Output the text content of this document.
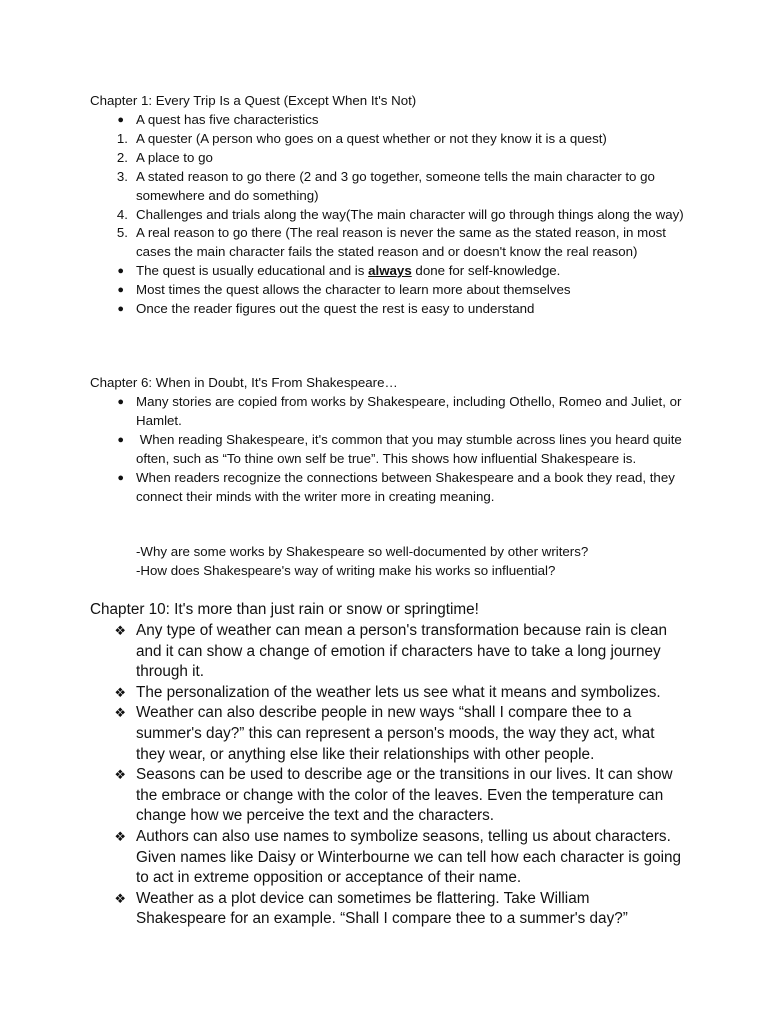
Chapter 1: Every Trip Is a Quest (Except When It's Not)
● A quest has five characteristics
1. A quester (A person who goes on a quest whether or not they know it is a quest)
2. A place to go
3. A stated reason to go there (2 and 3 go together, someone tells the main character to go somewhere and do something)
4. Challenges and trials along the way(The main character will go through things along the way)
5. A real reason to go there (The real reason is never the same as the stated reason, in most cases the main character fails the stated reason and or doesn't know the real reason)
● The quest is usually educational and is always done for self-knowledge.
● Most times the quest allows the character to learn more about themselves
● Once the reader figures out the quest the rest is easy to understand
Chapter 6: When in Doubt, It's From Shakespeare…
● Many stories are copied from works by Shakespeare, including Othello, Romeo and Juliet, or Hamlet.
● When reading Shakespeare, it's common that you may stumble across lines you heard quite often, such as “To thine own self be true”. This shows how influential Shakespeare is.
● When readers recognize the connections between Shakespeare and a book they read, they connect their minds with the writer more in creating meaning.
-Why are some works by Shakespeare so well-documented by other writers?
-How does Shakespeare's way of writing make his works so influential?
Chapter 10: It's more than just rain or snow or springtime!
❖ Any type of weather can mean a person's transformation because rain is clean and it can show a change of emotion if characters have to take a long journey through it.
❖ The personalization of the weather lets us see what it means and symbolizes.
❖ Weather can also describe people in new ways “shall I compare thee to a summer's day?” this can represent a person's moods, the way they act, what they wear, or anything else like their relationships with other people.
❖ Seasons can be used to describe age or the transitions in our lives. It can show the embrace or change with the color of the leaves. Even the temperature can change how we perceive the text and the characters.
❖ Authors can also use names to symbolize seasons, telling us about characters. Given names like Daisy or Winterbourne we can tell how each character is going to act in extreme opposition or acceptance of their name.
❖ Weather as a plot device can sometimes be flattering. Take William Shakespeare for an example. “Shall I compare thee to a summer's day?”
